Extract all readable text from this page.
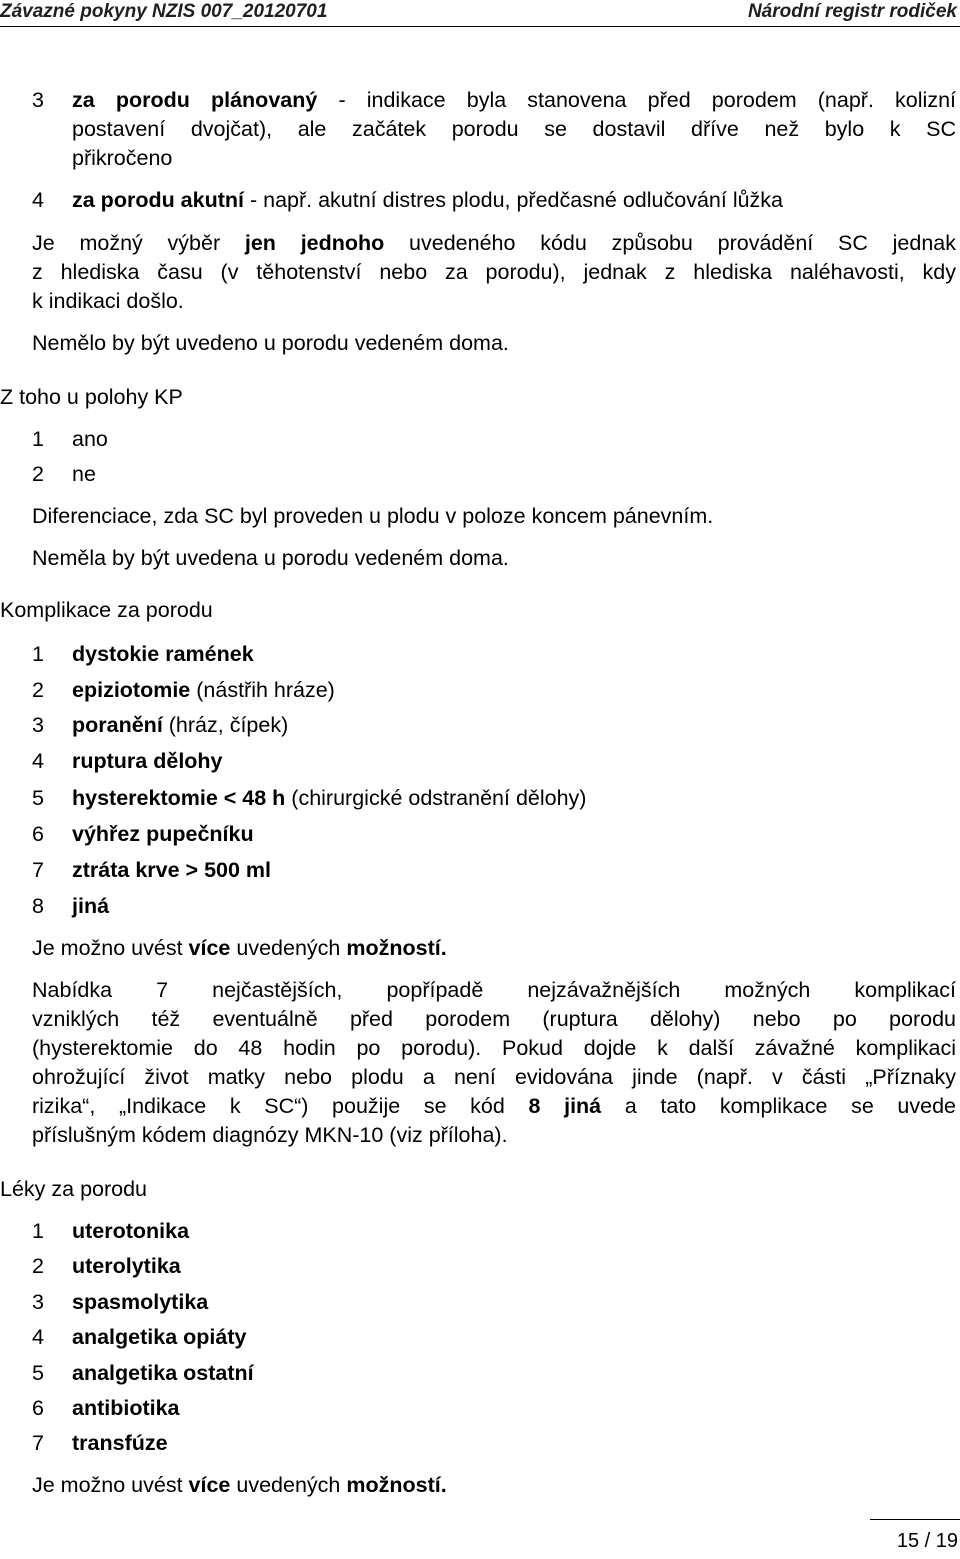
Závazné pokyny NZIS 007_20120701	Národní registr rodiček
3 za porodu plánovaný - indikace byla stanovena před porodem (např. kolizní
postavení dvojčat), ale začátek porodu se dostavil dříve než bylo k SC
přikročeno
4 za porodu akutní - např. akutní distres plodu, předčasné odlučování lůžka
Je možný výběr jen jednoho uvedeného kódu způsobu provádění SC jednak
z hlediska času (v těhotenství nebo za porodu), jednak z hlediska naléhavosti, kdy
k indikaci došlo.
Nemělo by být uvedeno u porodu vedeném doma.
Z toho u polohy KP
1 ano
2 ne
Diferenciace, zda SC byl proveden u plodu v poloze koncem pánevním.
Neměla by být uvedena u porodu vedeném doma.
Komplikace za porodu
1 dystokie ramének
2 epiziotomie (nástřih hráze)
3 poranění (hráz, čípek)
4 ruptura dělohy
5 hysterektomie < 48 h (chirurgické odstranění dělohy)
6 výhřez pupečníku
7 ztráta krve > 500 ml
8 jiná
Je možno uvést více uvedených možností.
Nabídka 7 nejčastějších, popřípadě nejzávažnějších možných komplikací
vzniklých též eventuálně před porodem (ruptura dělohy) nebo po porodu
(hysterektomie do 48 hodin po porodu). Pokud dojde k další závažné komplikaci
ohrožující život matky nebo plodu a není evidována jinde (např. v části „Příznaky
rizika“, „Indikace k SC“) použije se kód 8 jiná a tato komplikace se uvede
příslušným kódem diagnózy MKN-10 (viz příloha).
Léky za porodu
1 uterotonika
2 uterolytika
3 spasmolytika
4 analgetika opiáty
5 analgetika ostatní
6 antibiotika
7 transfúze
Je možno uvést více uvedených možností.
15 / 19
